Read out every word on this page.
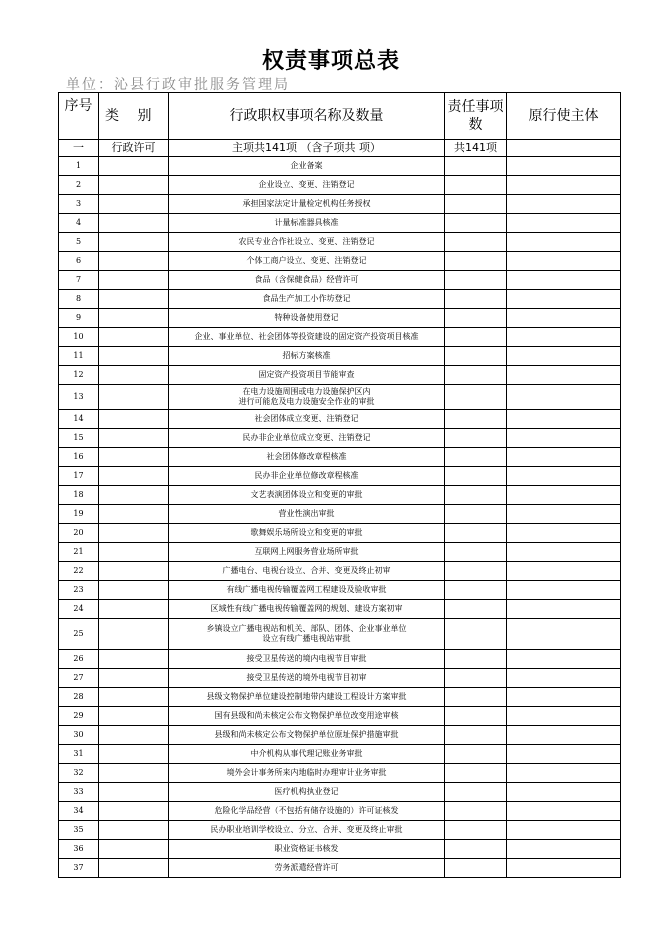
权责事项总表
单位：沁县行政审批服务管理局
序号	类 别	行政职权事项名称及数量	责任事项数	原行使主体
一	行政许可	主项共141项 （含子项共 项）	共141项	
1		企业备案		

2		企业设立、变更、注销登记		

3		承担国家法定计量检定机构任务授权		

4		计量标准器具核准		

5		农民专业合作社设立、变更、注销登记		

6		个体工商户设立、变更、注销登记		

7		食品（含保健食品）经营许可		

8		食品生产加工小作坊登记		

9		特种设备使用登记		

10		企业、事业单位、社会团体等投资建设的固定资产投资项目核准		

11		招标方案核准		

12		固定资产投资项目节能审查		

13		在电力设施周围或电力设施保护区内
进行可能危及电力设施安全作业的审批		

14		社会团体成立变更、注销登记		

15		民办非企业单位成立变更、注销登记		

16		社会团体修改章程核准		

17		民办非企业单位修改章程核准		

18		文艺表演团体设立和变更的审批		

19		营业性演出审批		

20		歌舞娱乐场所设立和变更的审批		

21		互联网上网服务营业场所审批		

22		广播电台、电视台设立、合并、变更及终止初审		

23		有线广播电视传输覆盖网工程建设及验收审批		

24		区域性有线广播电视传输覆盖网的规划、建设方案初审		

25		乡镇设立广播电视站和机关、部队、团体、企业事业单位
设立有线广播电视站审批		

26		接受卫星传送的境内电视节目审批		

27		接受卫星传送的境外电视节目初审		

28		县级文物保护单位建设控制地带内建设工程设计方案审批		

29		国有县级和尚未核定公布文物保护单位改变用途审核		

30		县级和尚未核定公布文物保护单位原址保护措施审批		

31		中介机构从事代理记账业务审批		

32		境外会计事务所来内地临时办理审计业务审批		

33		医疗机构执业登记		

34		危险化学品经营（不包括有储存设施的）许可证核发		

35		民办职业培训学校设立、分立、合并、变更及终止审批		

36		职业资格证书核发		

37		劳务派遣经营许可		
